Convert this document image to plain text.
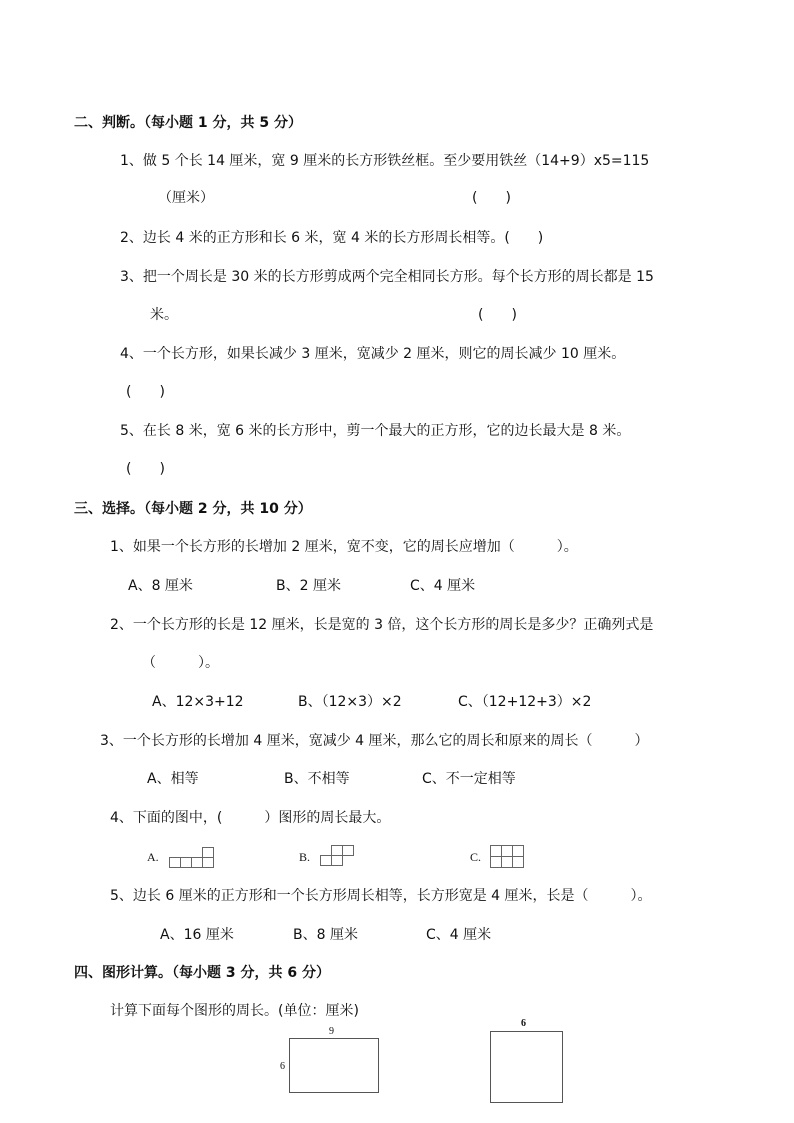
二、判断。（每小题 1 分，共 5 分）
1、做 5 个长 14 厘米，宽 9 厘米的长方形铁丝框。至少要用铁丝（14+9）x5=115
（厘米）	(　　)
2、边长 4 米的正方形和长 6 米，宽 4 米的长方形周长相等。(　　)
3、把一个周长是 30 米的长方形剪成两个完全相同长方形。每个长方形的周长都是 15
米。	(　　)
4、一个长方形，如果长减少 3 厘米，宽减少 2 厘米，则它的周长减少 10 厘米。
(　　)
5、在长 8 米，宽 6 米的长方形中，剪一个最大的正方形，它的边长最大是 8 米。
(　　)
三、选择。（每小题 2 分，共 10 分）
1、如果一个长方形的长增加 2 厘米，宽不变，它的周长应增加（　　　）。
A、8 厘米	B、2 厘米	C、4 厘米
2、一个长方形的长是 12 厘米，长是宽的 3 倍，这个长方形的周长是多少？正确列式是
（　　　）。
A、12×3+12	B、（12×3）×2	C、（12+12+3）×2
3、一个长方形的长增加 4 厘米，宽减少 4 厘米，那么它的周长和原来的周长（　　　）
A、相等	B、不相等	C、不一定相等
4、下面的图中，(　　　）图形的周长最大。
A.	B.	C.
5、边长 6 厘米的正方形和一个长方形周长相等，长方形宽是 4 厘米，长是（　　　）。
A、16 厘米	B、8 厘米	C、4 厘米
四、图形计算。（每小题 3 分，共 6 分）
计算下面每个图形的周长。(单位：厘米)
9
6
6
